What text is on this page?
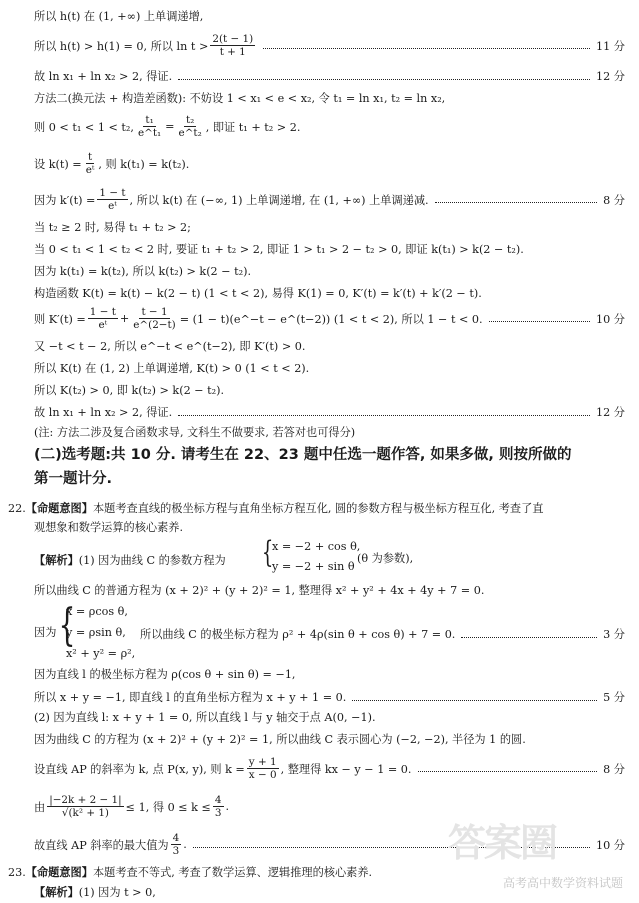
所以 h(t) 在 (1, +∞) 上单调递增,
所以 h(t) > h(1) = 0, 所以 $\ln t > \frac{2(t - 1)}{t + 1}$	11 分
故 ln x₁ + ln x₂ > 2, 得证.	12 分
方法二(换元法 + 构造差函数): 不妨设 1 < x₁ < e < x₂, 令 t₁ = ln x₁, t₂ = ln x₂,
则 0 < t₁ < 1 < t₂, $\frac{\text{t₁}}{\text{e\textasciicircum{}t₁}} = \frac{\text{t₂}}{\text{e\textasciicircum{}t₂}}$ , 即证 t₁ + t₂ > 2.
设 $k(t) = \frac{t}{\text{eᵗ}}$ , 则 k(t₁) = k(t₂).
因为 $k'(t) = \frac{1 - t}{\text{eᵗ}}$ , 所以 k(t) 在 (−∞, 1) 上单调递增, 在 (1, +∞) 上单调递减.	8 分
当 t₂ ≥ 2 时, 易得 t₁ + t₂ > 2;
当 0 < t₁ < 1 < t₂ < 2 时, 要证 t₁ + t₂ > 2, 即证 1 > t₁ > 2 − t₂ > 0, 即证 k(t₁) > k(2 − t₂).
因为 k(t₁) = k(t₂), 所以 k(t₂) > k(2 − t₂).
构造函数 K(t) = k(t) − k(2 − t) (1 < t < 2), 易得 K(1) = 0, K′(t) = k′(t) + k′(2 − t).
则 $K'(t) = \frac{1 - t}{\text{eᵗ}} + \frac{t - 1}{e\^{}(2-t)} = (1$ − t)(e^−t − e^(t−2)) (1 < t < 2), 所以 1 − t < 0.	10 分
又 −t < t − 2, 所以 e^−t < e^(t−2), 即 K′(t) > 0.
所以 K(t) 在 (1, 2) 上单调递增, K(t) > 0 (1 < t < 2).
所以 K(t₂) > 0, 即 k(t₂) > k(2 − t₂).
故 ln x₁ + ln x₂ > 2, 得证.	12 分
(注: 方法二涉及复合函数求导, 文科生不做要求, 若答对也可得分)
(二)选考题:共 10 分. 请考生在 22、23 题中任选一题作答, 如果多做, 则按所做的
第一题计分.
22. 【命题意图】 本题考查直线的极坐标方程与直角坐标方程互化, 圆的参数方程与极坐标方程互化, 考查了直
观想象和数学运算的核心素养.
【解析】 (1) 因为曲线 C 的参数方程为 {
x = −2 + cos θ,
y = −2 + sin θ
(θ 为参数),
所以曲线 C 的普通方程为 (x + 2)² + (y + 2)² = 1, 整理得 x² + y² + 4x + 4y + 7 = 0.
因为 {
x = ρcos θ,
y = ρsin θ,
x² + y² = ρ²,
所以曲线 C 的极坐标方程为 ρ² + 4ρ(sin θ + cos θ) + 7 = 0.	3 分
因为直线 l 的极坐标方程为 ρ(cos θ + sin θ) = −1,
所以 x + y = −1, 即直线 l 的直角坐标方程为 x + y + 1 = 0.	5 分
(2) 因为直线 l: x + y + 1 = 0, 所以直线 l 与 y 轴交于点 A(0, −1).
因为曲线 C 的方程为 (x + 2)² + (y + 2)² = 1, 所以曲线 C 表示圆心为 (−2, −2), 半径为 1 的圆.
设直线 AP 的斜率为 k, 点 P(x, y), 则 $k = \frac{y + 1}{x - 0}$ , 整理得 kx − y − 1 = 0.	8 分
由 $\frac{|-2k + 2 - 1|}{\text{√(k² + 1)}} \le 1$, 得 $0 \le k \le \frac{4}{3}$ .
故直线 AP 斜率的最大值为 $\frac{4}{3}$ .	10 分
23. 【命题意图】 本题考查不等式, 考查了数学运算、逻辑推理的核心素养.
【解析】 (1) 因为 t > 0,
答案圈
高考高中数学资料试题
